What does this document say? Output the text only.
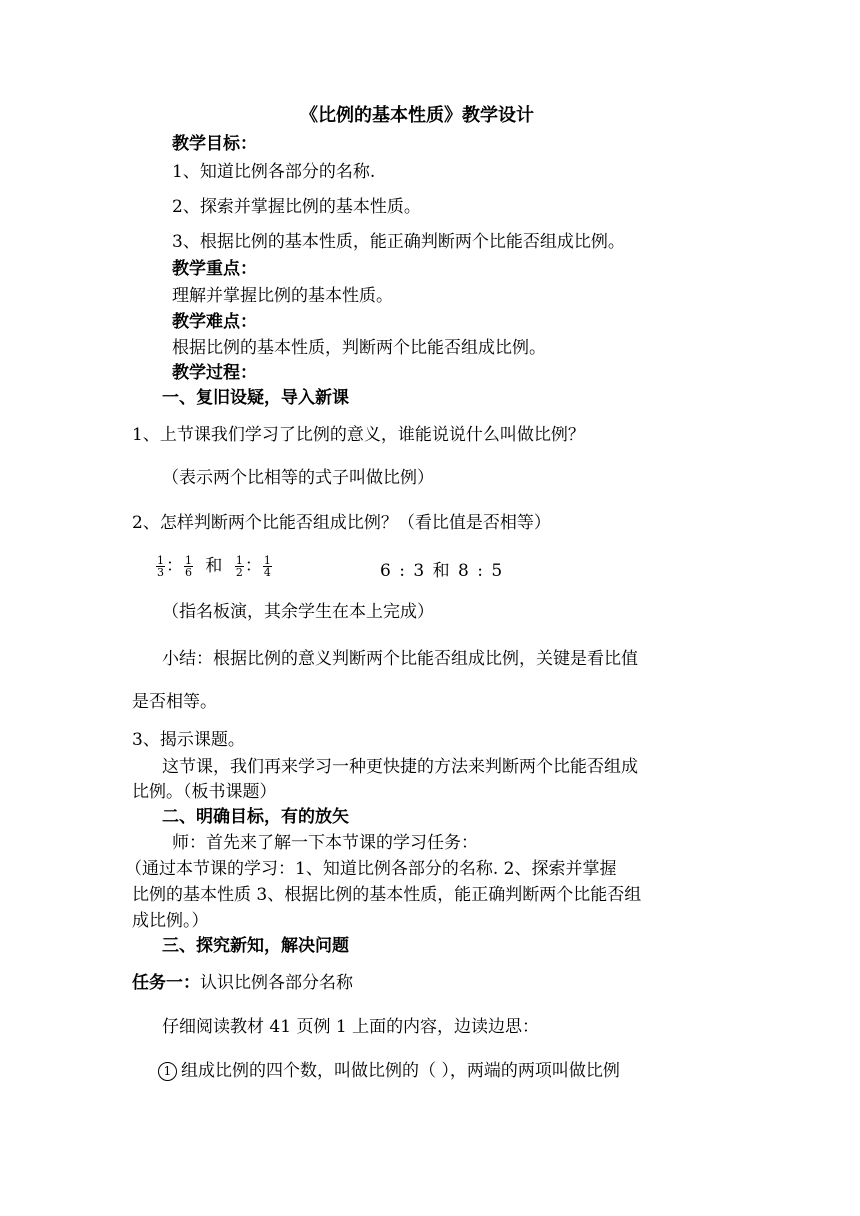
《比例的基本性质》教学设计
教学目标：
1、知道比例各部分的名称.
2、探索并掌握比例的基本性质。
3、根据比例的基本性质，能正确判断两个比能否组成比例。
教学重点：
理解并掌握比例的基本性质。
教学难点：
根据比例的基本性质，判断两个比能否组成比例。
教学过程：
一、复旧设疑，导入新课
1、上节课我们学习了比例的意义，谁能说说什么叫做比例？
（表示两个比相等的式子叫做比例）
2、怎样判断两个比能否组成比例？（看比值是否相等）
$\frac{1}{3}$ ： $\frac{1}{6}$ 和 $\frac{1}{2}$ ： $\frac{1}{4}$	6 : 3 和 8 : 5
（指名板演，其余学生在本上完成）
小结：根据比例的意义判断两个比能否组成比例，关键是看比值
是否相等。
3、揭示课题。
这节课，我们再来学习一种更快捷的方法来判断两个比能否组成
比例。（板书课题）
二、明确目标，有的放矢
师：首先来了解一下本节课的学习任务：
（通过本节课的学习：1、知道比例各部分的名称. 2、探索并掌握
比例的基本性质 3、根据比例的基本性质，能正确判断两个比能否组
成比例。）
三、探究新知，解决问题
任务一：认识比例各部分名称
仔细阅读教材 41 页例 1 上面的内容，边读边思：
1 组成比例的四个数，叫做比例的（ ），两端的两项叫做比例
